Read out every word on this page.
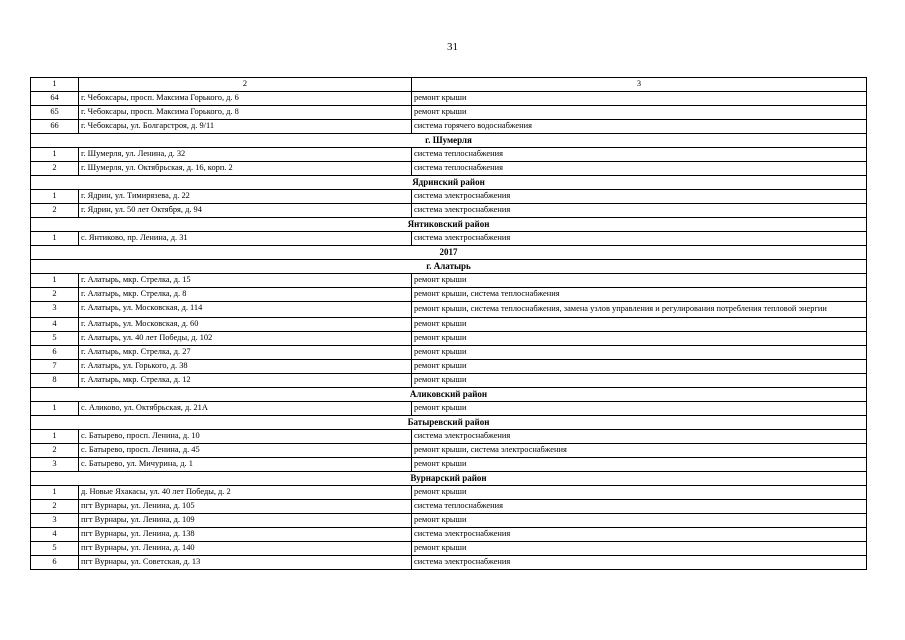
31
1	2	3
64	г. Чебоксары, просп. Максима Горького, д. 6	ремонт крыши
65	г. Чебоксары, просп. Максима Горького, д. 8	ремонт крыши
66	г. Чебоксары, ул. Болгарстроя, д. 9/11	система горячего водоснабжения
г. Шумерля		
1	г. Шумерля, ул. Ленина, д. 32	система теплоснабжения
2	г. Шумерля, ул. Октябрьская, д. 16, корп. 2	система теплоснабжения
Ядринский район		
1	г. Ядрин, ул. Тимирязева, д. 22	система электроснабжения
2	г. Ядрин, ул. 50 лет Октября, д. 94	система электроснабжения
Янтиковский район		
1	с. Янтиково, пр. Ленина, д. 31	система электроснабжения
2017		
г. Алатырь		
1	г. Алатырь, мкр. Стрелка, д. 15	ремонт крыши
2	г. Алатырь, мкр. Стрелка, д. 8	ремонт крыши, система теплоснабжения
3	г. Алатырь, ул. Московская, д. 114	ремонт крыши, система теплоснабжения, замена узлов управления и регулирования потребления тепловой энергии
4	г. Алатырь, ул. Московская, д. 60	ремонт крыши
5	г. Алатырь, ул. 40 лет Победы, д. 102	ремонт крыши
6	г. Алатырь, мкр. Стрелка, д. 27	ремонт крыши
7	г. Алатырь, ул. Горького, д. 38	ремонт крыши
8	г. Алатырь, мкр. Стрелка, д. 12	ремонт крыши
Аликовский район		
1	с. Аликово, ул. Октябрьская, д. 21А	ремонт крыши
Батыревский район		
1	с. Батырево, просп. Ленина, д. 10	система электроснабжения
2	с. Батырево, просп. Ленина, д. 45	ремонт крыши, система электроснабжения
3	с. Батырево, ул. Мичурина, д. 1	ремонт крыши
Вурнарский район		
1	д. Новые Яхакасы, ул. 40 лет Победы, д. 2	ремонт крыши
2	пгт Вурнары, ул. Ленина, д. 105	система теплоснабжения
3	пгт Вурнары, ул. Ленина, д. 109	ремонт крыши
4	пгт Вурнары, ул. Ленина, д. 138	система электроснабжения
5	пгт Вурнары, ул. Ленина, д. 140	ремонт крыши
6	пгт Вурнары, ул. Советская, д. 13	система электроснабжения
